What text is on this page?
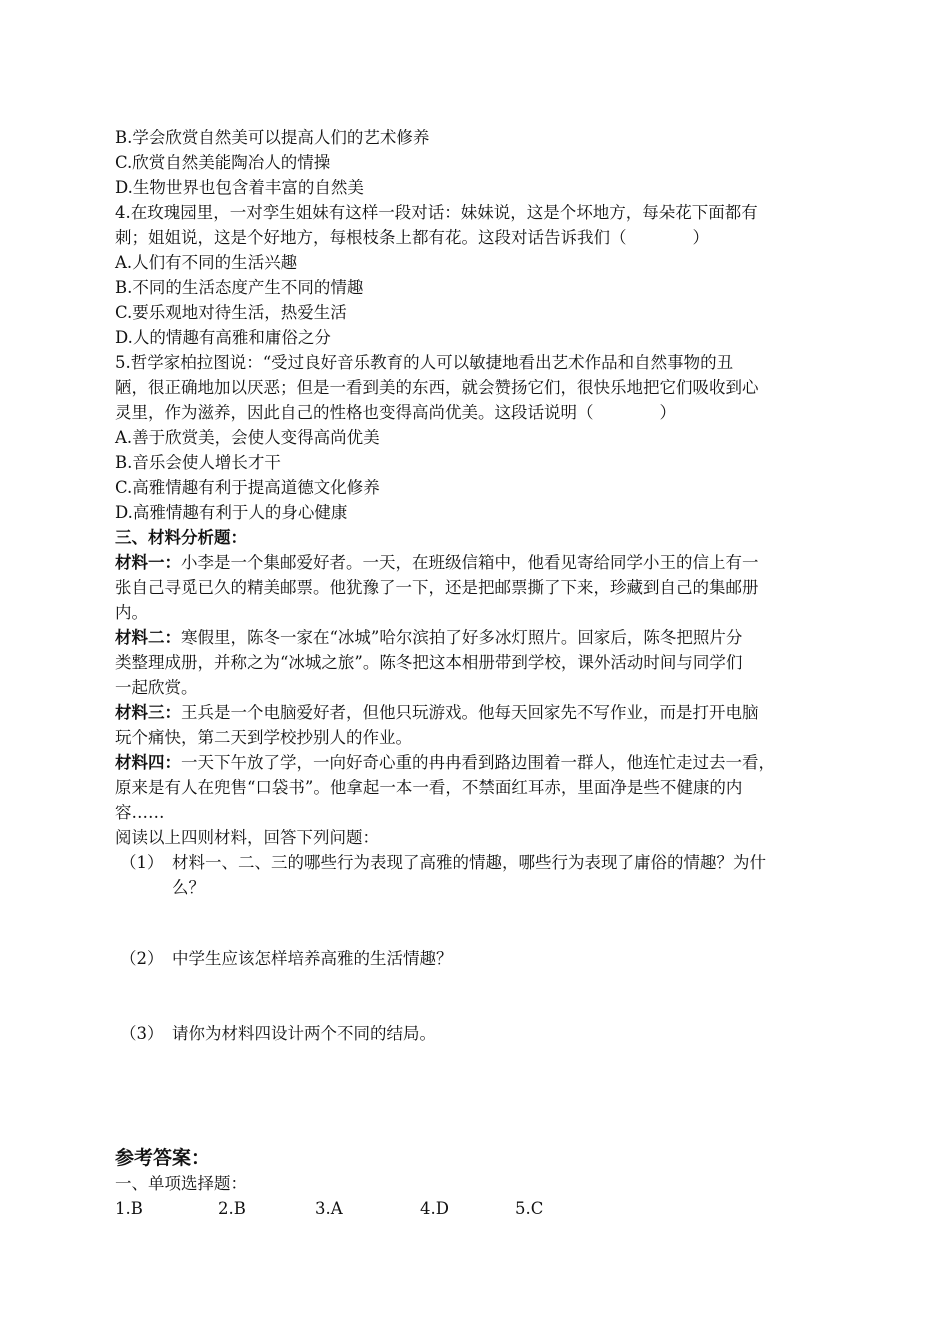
B.学会欣赏自然美可以提高人们的艺术修养
C.欣赏自然美能陶冶人的情操
D.生物世界也包含着丰富的自然美
4.在玫瑰园里，一对孪生姐妹有这样一段对话：妹妹说，这是个坏地方，每朵花下面都有
刺；姐姐说，这是个好地方，每根枝条上都有花。这段对话告诉我们（　　　　）
A.人们有不同的生活兴趣
B.不同的生活态度产生不同的情趣
C.要乐观地对待生活，热爱生活
D.人的情趣有高雅和庸俗之分
5.哲学家柏拉图说：“受过良好音乐教育的人可以敏捷地看出艺术作品和自然事物的丑
陋，很正确地加以厌恶；但是一看到美的东西，就会赞扬它们，很快乐地把它们吸收到心
灵里，作为滋养，因此自己的性格也变得高尚优美。这段话说明（　　　　）
A.善于欣赏美，会使人变得高尚优美
B.音乐会使人增长才干
C.高雅情趣有利于提高道德文化修养
D.高雅情趣有利于人的身心健康
三、材料分析题：
材料一：小李是一个集邮爱好者。一天，在班级信箱中，他看见寄给同学小王的信上有一
张自己寻觅已久的精美邮票。他犹豫了一下，还是把邮票撕了下来，珍藏到自己的集邮册
内。
材料二：寒假里，陈冬一家在“冰城”哈尔滨拍了好多冰灯照片。回家后，陈冬把照片分
类整理成册，并称之为“冰城之旅”。陈冬把这本相册带到学校，课外活动时间与同学们
一起欣赏。
材料三：王兵是一个电脑爱好者，但他只玩游戏。他每天回家先不写作业，而是打开电脑
玩个痛快，第二天到学校抄别人的作业。
材料四：一天下午放了学，一向好奇心重的冉冉看到路边围着一群人，他连忙走过去一看，
原来是有人在兜售“口袋书”。他拿起一本一看，不禁面红耳赤，里面净是些不健康的内
容……
阅读以上四则材料，回答下列问题：
（1） 材料一、二、三的哪些行为表现了高雅的情趣，哪些行为表现了庸俗的情趣？为什
么？
（2） 中学生应该怎样培养高雅的生活情趣？
（3） 请你为材料四设计两个不同的结局。
参考答案：
一、单项选择题：
1.B	2.B	3.A	4.D	5.C
